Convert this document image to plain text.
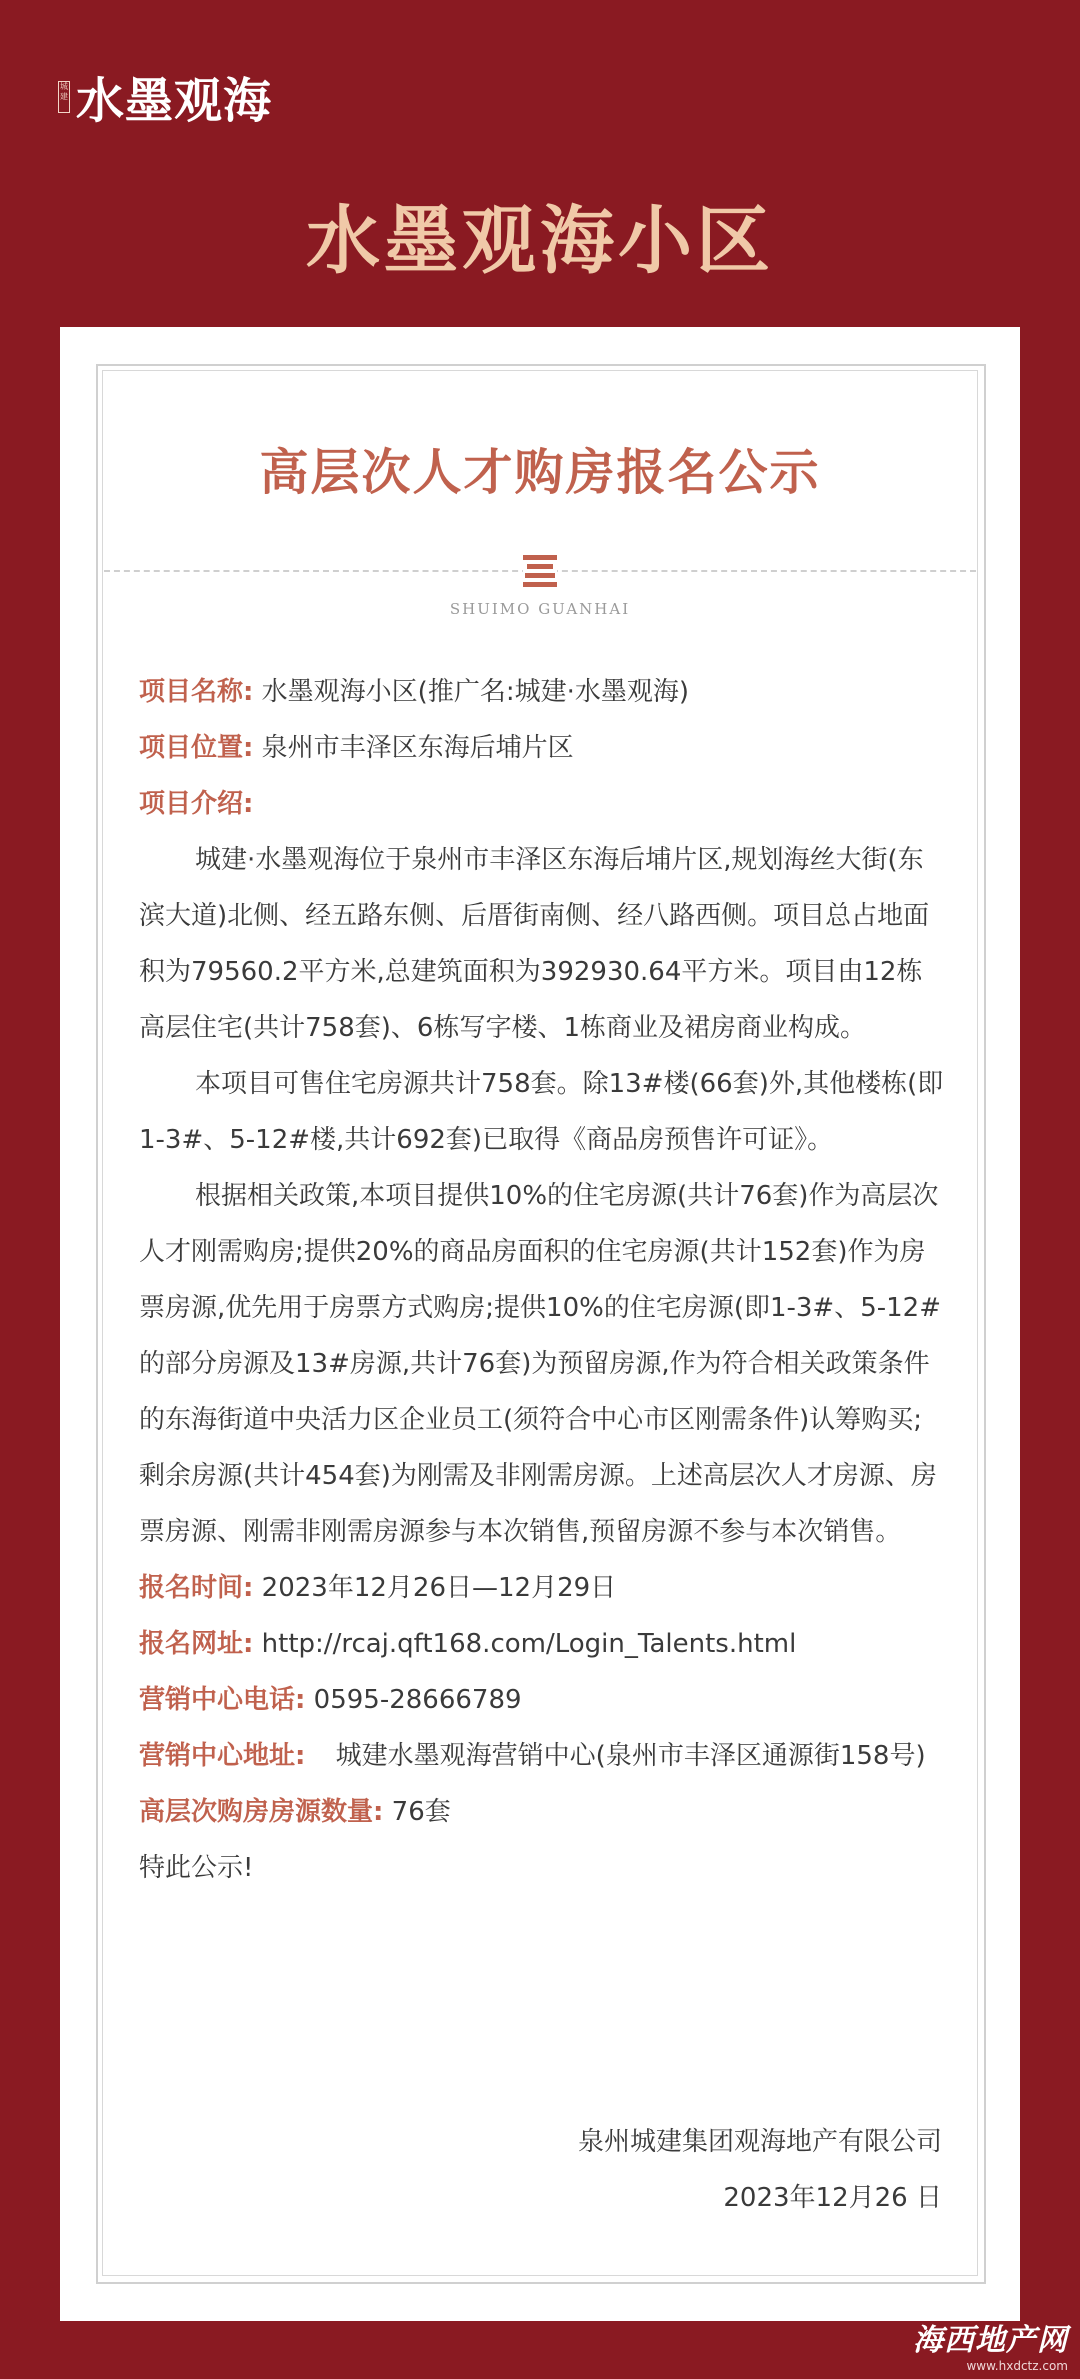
城建 水墨观海
水墨观海小区
高层次人才购房报名公示
SHUIMO GUANHAI

项目名称: 水墨观海小区(推广名:城建·水墨观海)

项目位置: 泉州市丰泽区东海后埔片区

项目介绍:

城建·水墨观海位于泉州市丰泽区东海后埔片区,规划海丝大街(东滨大道)北侧、经五路东侧、后厝街南侧、经八路西侧。项目总占地面积为79560.2平方米,总建筑面积为392930.64平方米。项目由12栋高层住宅(共计758套)、6栋写字楼、1栋商业及裙房商业构成。

本项目可售住宅房源共计758套。除13#楼(66套)外,其他楼栋(即1-3#、5-12#楼,共计692套)已取得《商品房预售许可证》。

根据相关政策,本项目提供10%的住宅房源(共计76套)作为高层次人才刚需购房;提供20%的商品房面积的住宅房源(共计152套)作为房票房源,优先用于房票方式购房;提供10%的住宅房源(即1-3#、5-12#的部分房源及13#房源,共计76套)为预留房源,作为符合相关政策条件的东海街道中央活力区企业员工(须符合中心市区刚需条件)认筹购买;剩余房源(共计454套)为刚需及非刚需房源。上述高层次人才房源、房票房源、刚需非刚需房源参与本次销售,预留房源不参与本次销售。

报名时间: 2023年12月26日—12月29日

报名网址: http://rcaj.qft168.com/Login_Talents.html

营销中心电话: 0595-28666789

营销中心地址: 城建水墨观海营销中心(泉州市丰泽区通源街158号)

高层次购房房源数量: 76套

特此公示!

泉州城建集团观海地产有限公司
2023年12月26 日
海西地产网
www.hxdctz.com
